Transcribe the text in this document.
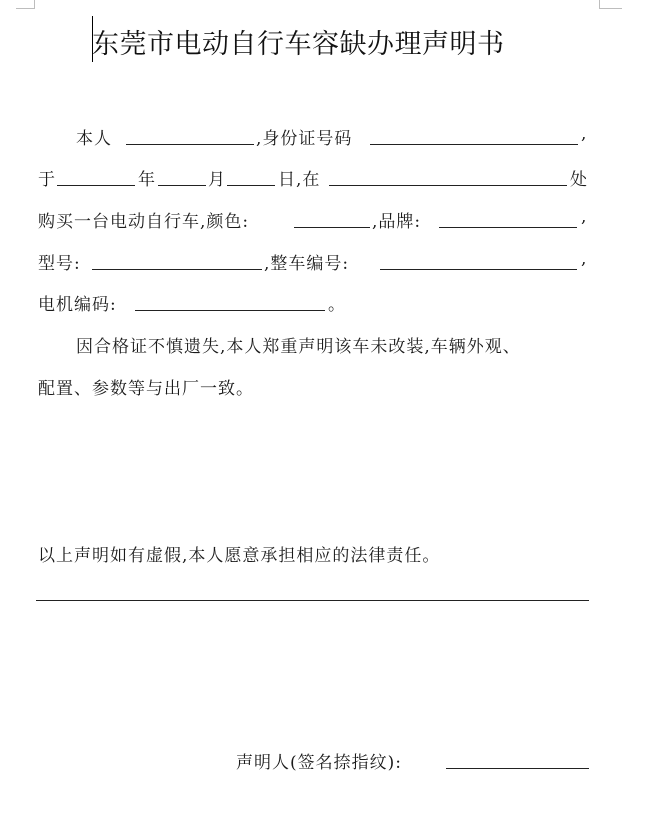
东莞市电动自行车容缺办理声明书
本人	,身份证号码	,
于	年	月	日,在	处
购买一台电动自行车,颜色:	,品牌:	,
型号:	,整车编号:	,
电机编码:	。
因合格证不慎遗失,本人郑重声明该车未改装,车辆外观、
配置、参数等与出厂一致。
以上声明如有虚假,本人愿意承担相应的法律责任。
声明人(签名捺指纹):
